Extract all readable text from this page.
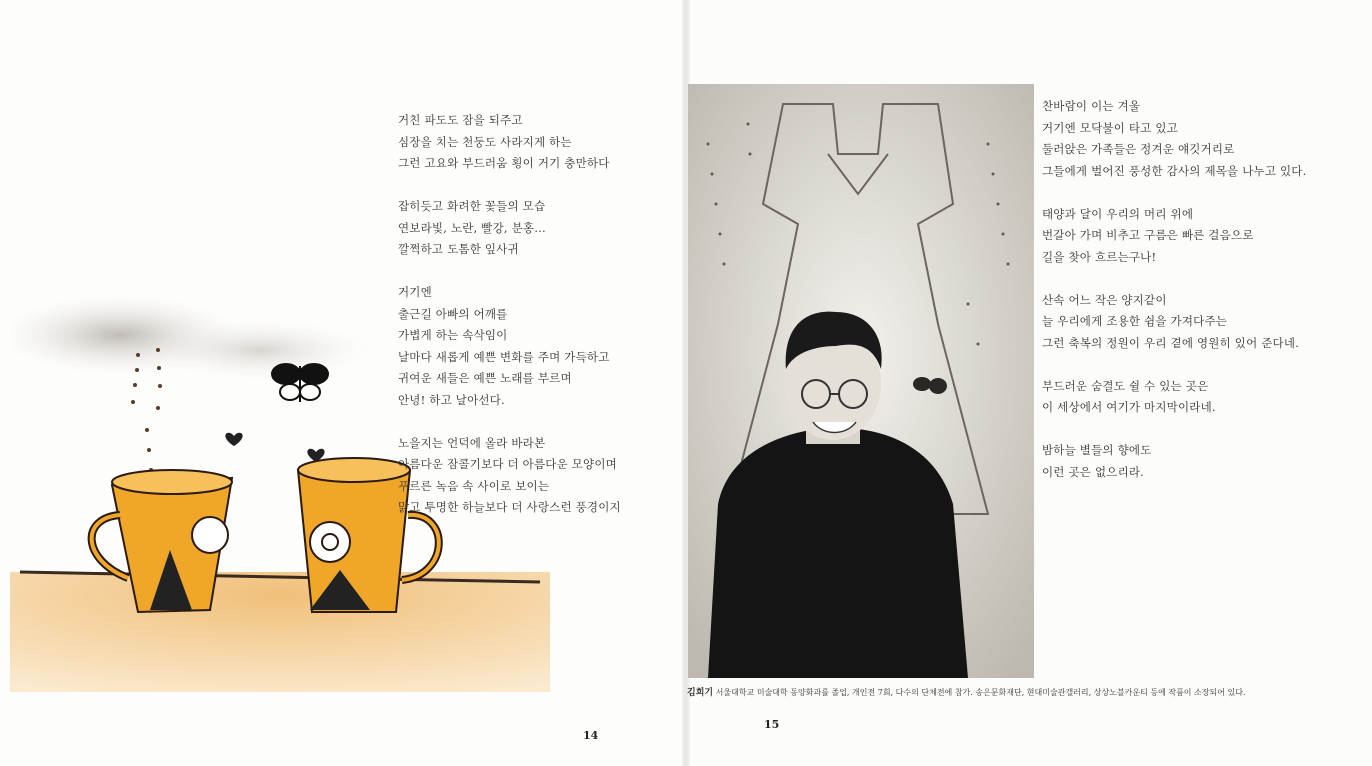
거친 파도도 잠을 되주고
심장을 치는 천둥도 사라지게 하는
그런 고요와 부드러움 횡이 거기 충만하다
잡히듯고 화려한 꽃들의 모습
연보라빛, 노란, 빨강, 분홍…
깔쩍하고 도톰한 잎사귀
거기엔
출근길 아빠의 어깨를
가볍게 하는 속삭임이
날마다 새롭게 예쁜 변화를 주며 가득하고
귀여운 새들은 예쁜 노래를 부르며
안녕! 하고 날아선다.
노을지는 언덕에 올라 바라본
아름다운 잠콜기보다 더 아름다운 모양이며
푸르른 녹음 속 사이로 보이는
맑고 투명한 하늘보다 더 사랑스런 풍경이지
찬바람이 이는 겨울
거기엔 모닥불이 타고 있고
둘러앉은 가족들은 정겨운 얘깃거리로
그들에게 벌어진 풍성한 감사의 제목을 나누고 있다.
태양과 달이 우리의 머리 위에
번갈아 가며 비추고 구름은 빠른 걸음으로
길을 찾아 흐르는구나!
산속 어느 작은 양지같이
늘 우리에게 조용한 쉼을 가져다주는
그런 축복의 정원이 우리 곁에 영원히 있어 준다네.
부드러운 숨결도 쉴 수 있는 곳은
이 세상에서 여기가 마지막이라네.
밤하늘 별들의 향에도
이런 곳은 없으리라.
14
15
김희기 서울대학교 미술대학 동양화과를 졸업, 개인전 7회, 다수의 단체전에 참가. 송은문화재단, 현대미술관갤러리, 상상노블카운티 등에 작품이 소장되어 있다.
